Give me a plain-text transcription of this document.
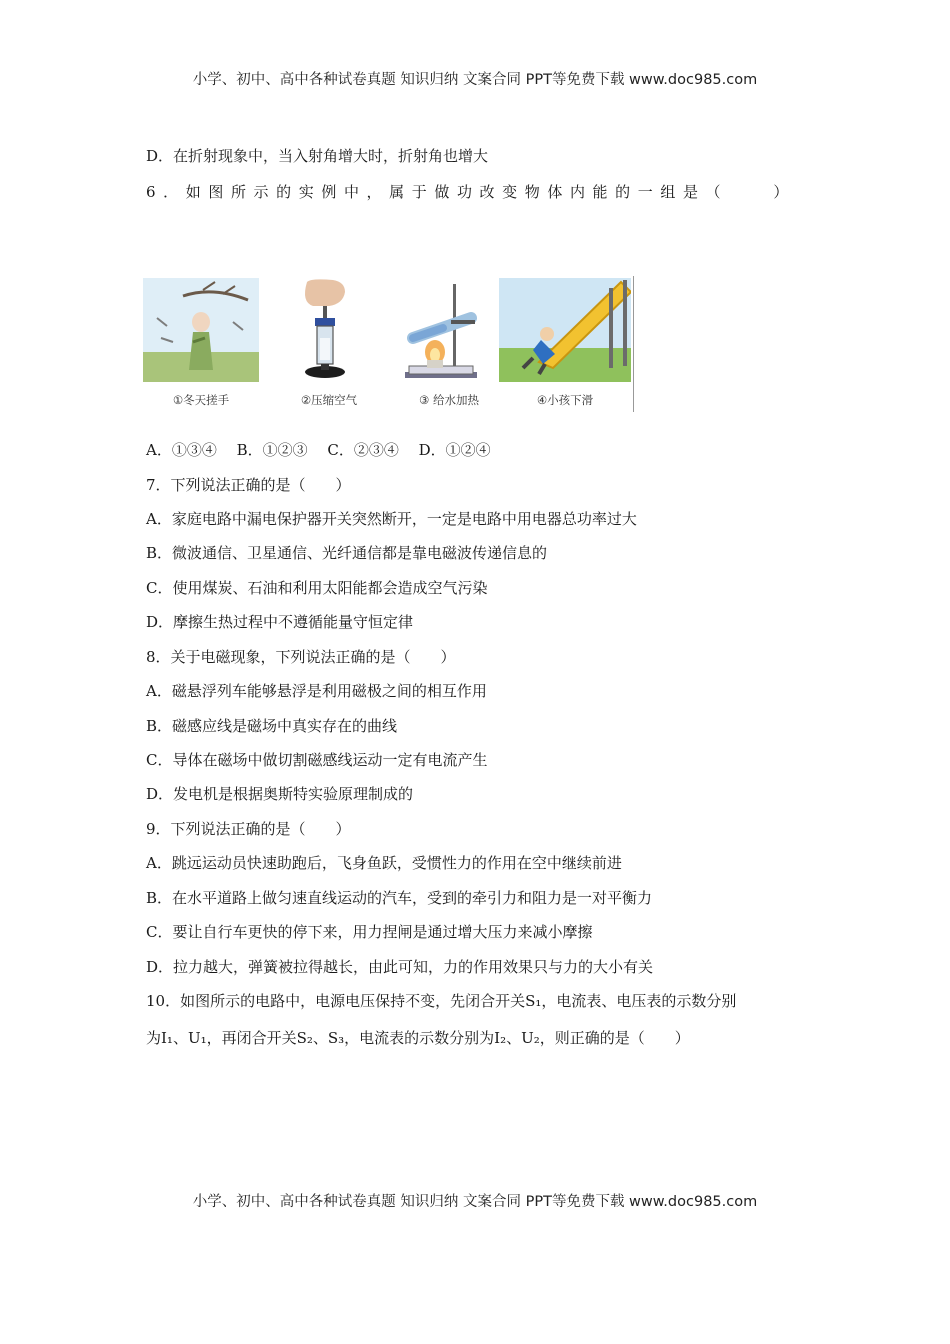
小学、初中、高中各种试卷真题 知识归纳 文案合同 PPT等免费下载 www.doc985.com
D．在折射现象中，当入射角增大时，折射角也增大
6．如图所示的实例中，属于做功改变物体内能的一组是（　　）
①冬天搓手	②压缩空气	③ 给水加热	④小孩下滑
A．①③④　 B．①②③　 C．②③④　 D．①②④
7．下列说法正确的是（　　）
A．家庭电路中漏电保护器开关突然断开，一定是电路中用电器总功率过大
B．微波通信、卫星通信、光纤通信都是靠电磁波传递信息的
C．使用煤炭、石油和利用太阳能都会造成空气污染
D．摩擦生热过程中不遵循能量守恒定律
8．关于电磁现象，下列说法正确的是（　　）
A．磁悬浮列车能够悬浮是利用磁极之间的相互作用
B．磁感应线是磁场中真实存在的曲线
C．导体在磁场中做切割磁感线运动一定有电流产生
D．发电机是根据奥斯特实验原理制成的
9．下列说法正确的是（　　）
A．跳远运动员快速助跑后，飞身鱼跃，受惯性力的作用在空中继续前进
B．在水平道路上做匀速直线运动的汽车，受到的牵引力和阻力是一对平衡力
C．要让自行车更快的停下来，用力捏闸是通过增大压力来减小摩擦
D．拉力越大，弹簧被拉得越长，由此可知，力的作用效果只与力的大小有关
10．如图所示的电路中，电源电压保持不变，先闭合开关S₁，电流表、电压表的示数分别
为I₁、U₁，再闭合开关S₂、S₃，电流表的示数分别为I₂、U₂，则正确的是（　　）
小学、初中、高中各种试卷真题 知识归纳 文案合同 PPT等免费下载 www.doc985.com
